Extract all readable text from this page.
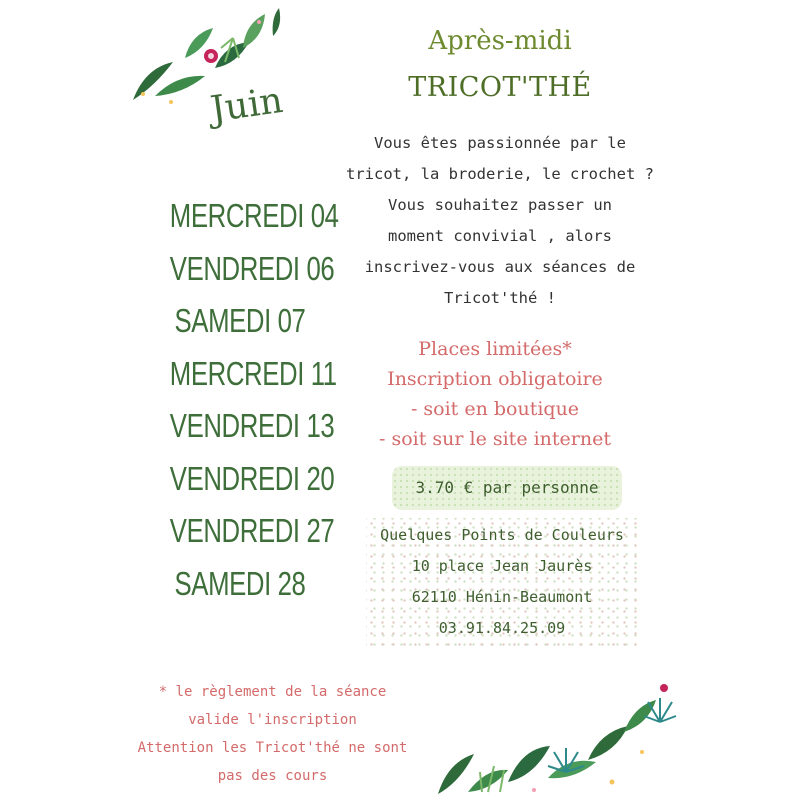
Juin
MERCREDI 04
VENDREDI 06
SAMEDI 07
MERCREDI 11
VENDREDI 13
VENDREDI 20
VENDREDI 27
SAMEDI 28
Après-midi
TRICOT'THÉ
Vous êtes passionnée par le
tricot, la broderie, le crochet ?
Vous souhaitez passer un
moment convivial , alors
inscrivez-vous aux séances de
Tricot'thé !
Places limitées*
Inscription obligatoire
- soit en boutique
- soit sur le site internet
3.70 € par personne
Quelques Points de Couleurs
10 place Jean Jaurès
62110 Hénin-Beaumont
03.91.84.25.09
* le règlement de la séance
valide l'inscription
Attention les Tricot'thé ne sont
pas des cours
